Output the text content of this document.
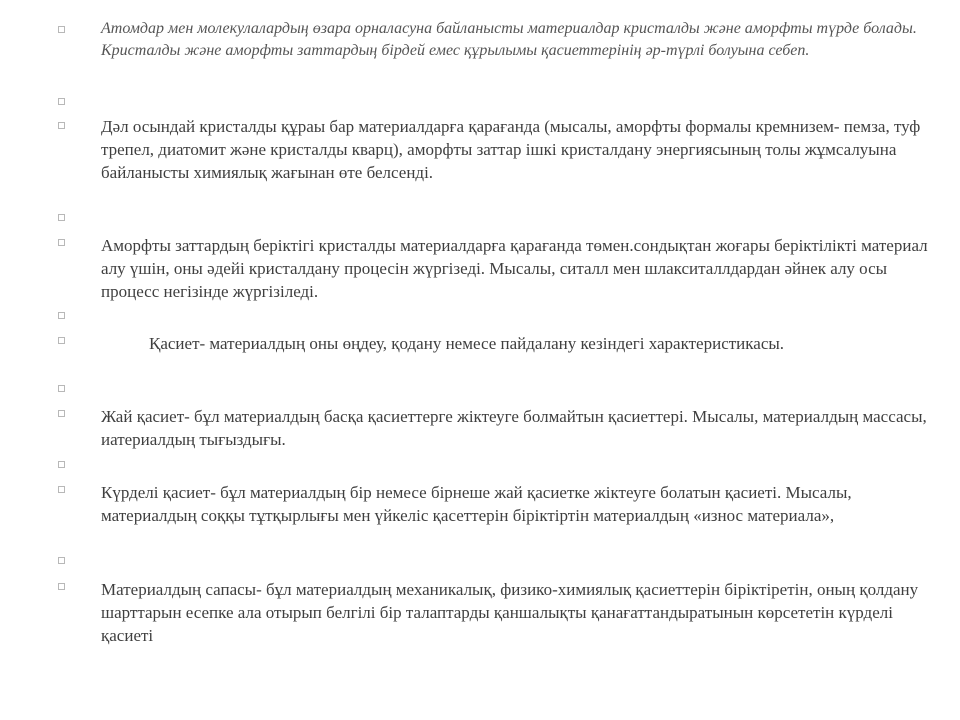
Атомдар мен молекулалардың өзара орналасуна байланысты материалдар кристалды және аморфты түрде болады. Кристалды және аморфты заттардың бірдей емес құрылымы қасиеттерінің әр-түрлі болуына себеп.

Дәл осындай кристалды құраы бар материалдарға қарағанда (мысалы, аморфты формалы кремнизем- пемза, туф трепел, диатомит және кристалды кварц), аморфты заттар ішкі кристалдану энергиясының толы жұмсалуына байланысты химиялық жағынан өте белсенді.

Аморфты заттардың беріктігі кристалды материалдарға қарағанда төмен.сондықтан жоғары беріктілікті материал алу үшін, оны әдейі кристалдану процесін жүргізеді. Мысалы, ситалл мен шлакситаллдардан әйнек алу осы процесс негізінде жүргізіледі.

Қасиет- материалдың оны өңдеу, қодану немесе пайдалану кезіндегі характеристикасы.

Жай қасиет- бұл материалдың басқа қасиеттерге жіктеуге болмайтын қасиеттері. Мысалы, материалдың массасы, иатериалдың тығыздығы.

Күрделі қасиет- бұл материалдың бір немесе бірнеше жай қасиетке жіктеуге болатын қасиеті. Мысалы, материалдың соққы тұтқырлығы мен үйкеліс қасеттерін біріктіртін материалдың «износ материала»,

Материалдың сапасы- бұл материалдың механикалық, физико-химиялық қасиеттерін біріктіретін, оның қолдану шарттарын есепке ала отырып белгілі бір талаптарды қаншалықты қанағаттандыратынын көрсететін күрделі қасиеті
